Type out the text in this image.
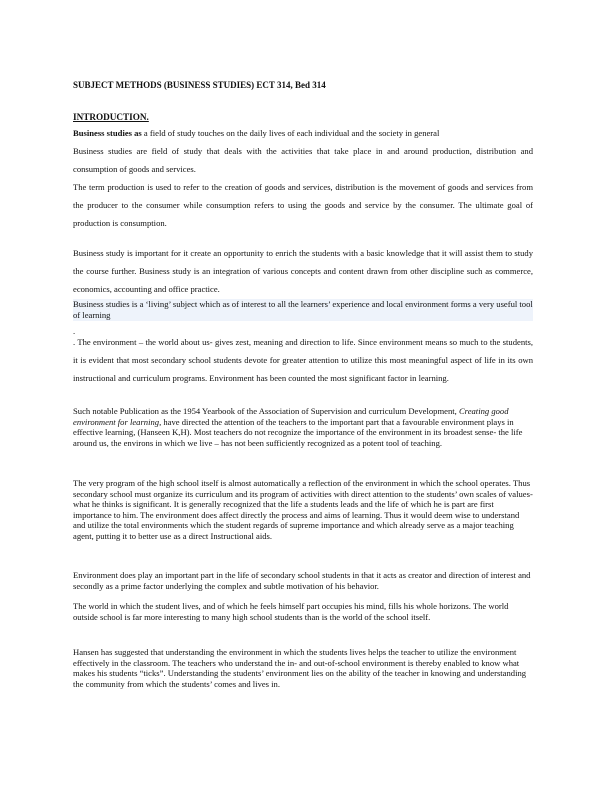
SUBJECT METHODS (BUSINESS STUDIES) ECT 314, Bed 314

INTRODUCTION.

Business studies as a field of study touches on the daily lives of each individual and the society in general

Business studies are field of study that deals with the activities that take place in and around production, distribution and consumption of goods and services.

The term production is used to refer to the creation of goods and services, distribution is the movement of goods and services from the producer to the consumer while consumption refers to using the goods and service by the consumer. The ultimate goal of production is consumption.

Business study is important for it create an opportunity to enrich the students with a basic knowledge that it will assist them to study the course further. Business study is an integration of various concepts and content drawn from other discipline such as commerce, economics, accounting and office practice.

Business studies is a ‘living’ subject which as of interest to all the learners’ experience and local environment forms a very useful tool of learning

.

. The environment – the world about us- gives zest, meaning and direction to life. Since environment means so much to the students, it is evident that most secondary school students devote for greater attention to utilize this most meaningful aspect of life in its own instructional and curriculum programs. Environment has been counted the most significant factor in learning.

Such notable Publication as the 1954 Yearbook of the Association of Supervision and curriculum Development, Creating good environment for learning, have directed the attention of the teachers to the important part that a favourable environment plays in effective learning, (Hanseen K,H). Most teachers do not recognize the importance of the environment in its broadest sense- the life around us, the environs in which we live – has not been sufficiently recognized as a potent tool of teaching.

The very program of the high school itself is almost automatically a reflection of the environment in which the school operates. Thus secondary school must organize its curriculum and its program of activities with direct attention to the students’ own scales of values- what he thinks is significant. It is generally recognized that the life a students leads and the life of which he is part are first importance to him. The environment does affect directly the process and aims of learning. Thus it would deem wise to understand and utilize the total environments which the student regards of supreme importance and which already serve as a major teaching agent, putting it to better use as a direct Instructional aids.

Environment does play an important part in the life of secondary school students in that it acts as creator and direction of interest and secondly as a prime factor underlying the complex and subtle motivation of his behavior.

The world in which the student lives, and of which he feels himself part occupies his mind, fills his whole horizons. The world outside school is far more interesting to many high school students than is the world of the school itself.

Hansen has suggested that understanding the environment in which the students lives helps the teacher to utilize the environment effectively in the classroom. The teachers who understand the in- and out-of-school environment is thereby enabled to know what makes his students “ticks”. Understanding the students’ environment lies on the ability of the teacher in knowing and understanding the community from which the students’ comes and lives in.
